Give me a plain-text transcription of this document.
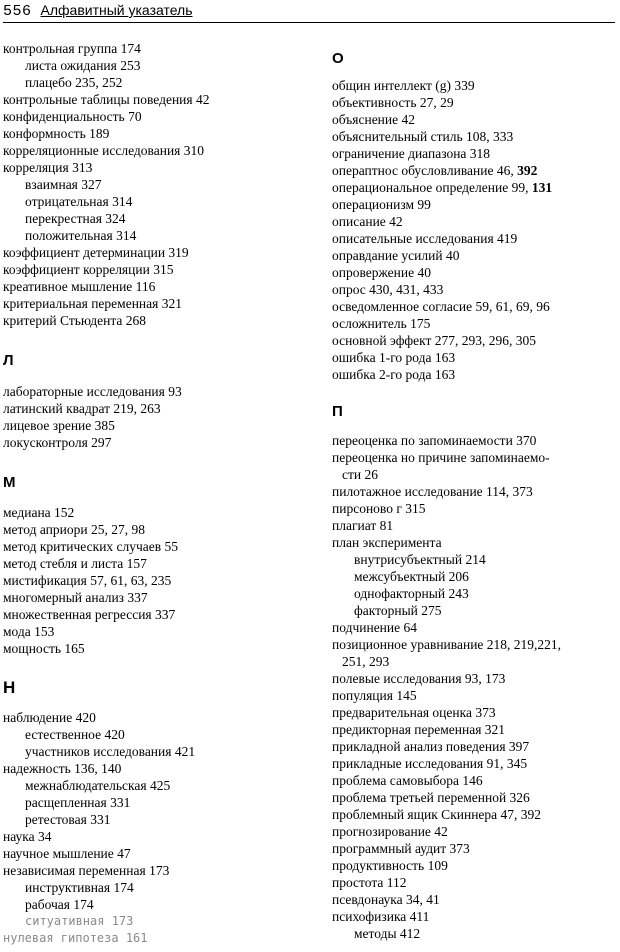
556 Алфавитный указатель
контрольная группа 174
листа ожидания 253
плацебо 235, 252
контрольные таблицы поведения 42
конфиденциальность 70
конформность 189
корреляционные исследования 310
корреляция 313
взаимная 327
отрицательная 314
перекрестная 324
положительная 314
коэффициент детерминации 319
коэффициент корреляции 315
креативное мышление 116
критериальная переменная 321
критерий Стьюдента 268
Л
лабораторные исследования 93
латинский квадрат 219, 263
лицевое зрение 385
локусконтроля 297
М
медиана 152
метод априори 25, 27, 98
метод критических случаев 55
метод стебля и листа 157
мистификация 57, 61, 63, 235
многомерный анализ 337
множественная регрессия 337
мода 153
мощность 165
Н
наблюдение 420
естественное 420
участников исследования 421
надежность 136, 140
межнаблюдательская 425
расщепленная 331
ретестовая 331
наука 34
научное мышление 47
независимая переменная 173
инструктивная 174
рабочая 174
ситуативная 173
нулевая гипотеза 161
О
общин интеллект (g) 339
объективность 27, 29
объяснение 42
объяснительный стиль 108, 333
ограничение диапазона 318
операптнос обусловливание 46, 392
операциональное определение 99, 131
операционизм 99
описание 42
описательные исследования 419
оправдание усилий 40
опровержение 40
опрос 430, 431, 433
осведомленное согласие 59, 61, 69, 96
осложнитель 175
основной эффект 277, 293, 296, 305
ошибка 1-го рода 163
ошибка 2-го рода 163
П
переоценка по запоминаемости 370
переоценка но причине запоминаемо-
сти 26
пилотажное исследование 114, 373
пирсоново г 315
плагиат 81
план эксперимента
внутрисубъектный 214
межсубъектный 206
однофакторный 243
факторный 275
подчинение 64
позиционное уравнивание 218, 219,221,
251, 293
полевые исследования 93, 173
популяция 145
предварительная оценка 373
предикторная переменная 321
прикладной анализ поведения 397
прикладные исследования 91, 345
проблема самовыбора 146
проблема третьей переменной 326
проблемный ящик Скиннера 47, 392
прогнозирование 42
программный аудит 373
продуктивность 109
простота 112
псевдонаука 34, 41
психофизика 411
методы 412
